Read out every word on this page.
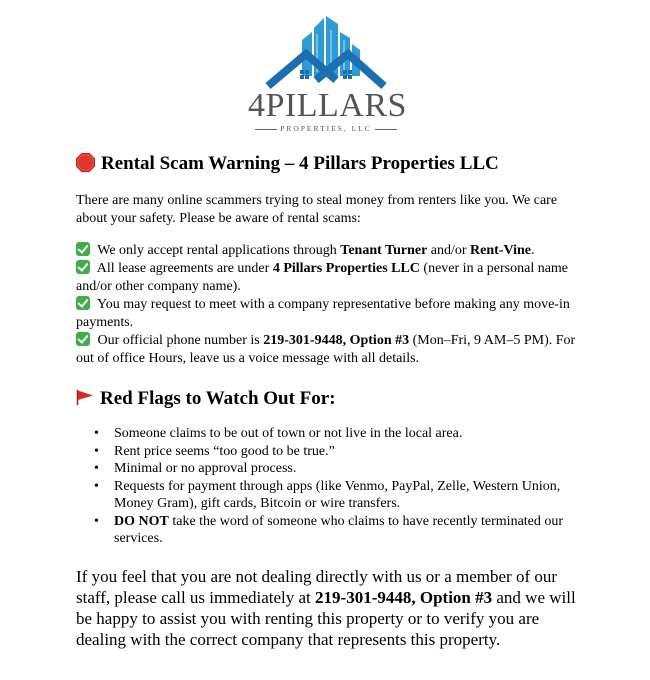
4PILLARS
PROPERTIES, LLC
Rental Scam Warning – 4 Pillars Properties LLC
There are many online scammers trying to steal money from renters like you. We care about your safety. Please be aware of rental scams:

We only accept rental applications through Tenant Turner and/or Rent-Vine.

All lease agreements are under 4 Pillars Properties LLC (never in a personal name and/or other company name).

You may request to meet with a company representative before making any move-in payments.

Our official phone number is 219-301-9448, Option #3 (Mon–Fri, 9 AM–5 PM). For out of office Hours, leave us a voice message with all details.

Red Flags to Watch Out For:
• Someone claims to be out of town or not live in the local area.
• Rent price seems “too good to be true.”
• Minimal or no approval process.
• Requests for payment through apps (like Venmo, PayPal, Zelle, Western Union, Money Gram), gift cards, Bitcoin or wire transfers.
• DO NOT take the word of someone who claims to have recently terminated our services.
If you feel that you are not dealing directly with us or a member of our staff, please call us immediately at 219-301-9448, Option #3 and we will be happy to assist you with renting this property or to verify you are dealing with the correct company that represents this property.
